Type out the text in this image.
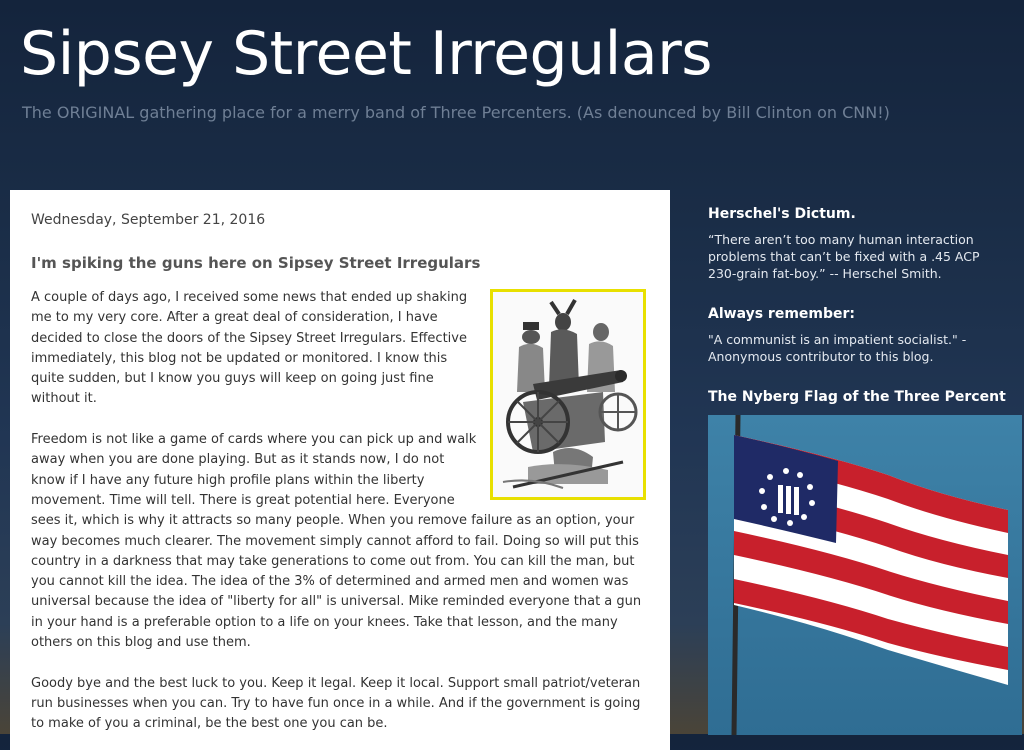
Sipsey Street Irregulars
The ORIGINAL gathering place for a merry band of Three Percenters. (As denounced by Bill Clinton on CNN!)
Wednesday, September 21, 2016
I'm spiking the guns here on Sipsey Street Irregulars

A couple of days ago, I received some news that ended up shaking me to my very core. After a great deal of consideration, I have decided to close the doors of the Sipsey Street Irregulars. Effective immediately, this blog not be updated or monitored. I know this quite sudden, but I know you guys will keep on going just fine without it.

Freedom is not like a game of cards where you can pick up and walk away when you are done playing. But as it stands now, I do not know if I have any future high profile plans within the liberty movement. Time will tell. There is great potential here. Everyone sees it, which is why it attracts so many people. When you remove failure as an option, your way becomes much clearer. The movement simply cannot afford to fail. Doing so will put this country in a darkness that may take generations to come out from. You can kill the man, but you cannot kill the idea. The idea of the 3% of determined and armed men and women was universal because the idea of "liberty for all" is universal. Mike reminded everyone that a gun in your hand is a preferable option to a life on your knees. Take that lesson, and the many others on this blog and use them.

Goody bye and the best luck to you. Keep it legal. Keep it local. Support small patriot/veteran run businesses when you can. Try to have fun once in a while. And if the government is going to make of you a criminal, be the best one you can be.

Herschel's Dictum.

“There aren’t too many human interaction problems that can’t be fixed with a .45 ACP 230-grain fat-boy.” -- Herschel Smith.

Always remember:

"A communist is an impatient socialist." - Anonymous contributor to this blog.

The Nyberg Flag of the Three Percent
